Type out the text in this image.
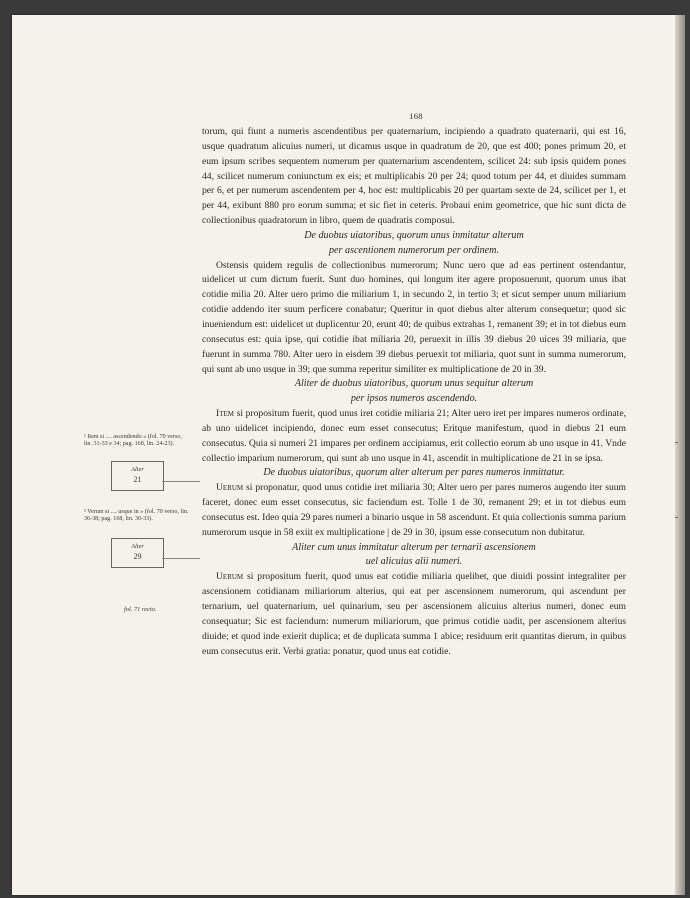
168

torum, qui fiunt a numeris ascendentibus per quaternarium, incipiendo a quadrato quaternarii, qui est 16, usque quadratum alicuius numeri, ut dicamus usque in quadratum de 20, que est 400; pones primum 20, et eum ipsum scribes sequentem numerum per quaternarium ascendentem, scilicet 24: sub ipsis quidem pones 44, scilicet numerum coniunctum ex eis; et multiplicabis 20 per 24; quod totum per 44, et diuides summam per 6, et per numerum ascendentem per 4, hoc est: multiplicabis 20 per quartam sexte de 24, scilicet per 1, et per 44, exibunt 880 pro eorum summa; et sic fiet in ceteris. Probaui enim geometrice, que hic sunt dicta de collectionibus quadratorum in libro, quem de quadratis composui.

De duobus uiatoribus, quorum unus inmitatur alterum

per ascentionem numerorum per ordinem.

Ostensis quidem regulis de collectionibus numerorum; Nunc uero que ad eas pertinent ostendantur, uidelicet ut cum dictum fuerit. Sunt duo homines, qui longum iter agere proposuerunt, quorum unus ibat cotidie milia 20. Alter uero primo die miliarium 1, in secundo 2, in tertio 3; et sicut semper unum miliarium cotidie addendo iter suum perficere conabatur; Queritur in quot diebus alter alterum consequetur; quod sic inueniendum est: uidelicet ut duplicentur 20, erunt 40; de quibus extrahas 1, remanent 39; et in tot diebus eum consecutus est: quia ipse, qui cotidie ibat miliaria 20, peruexit in illis 39 diebus 20 uices 39 miliaria, que fuerunt in summa 780. Alter uero in eisdem 39 diebus peruexit tot miliaria, quot sunt in summa numerorum, qui sunt ab uno usque in 39; que summa reperitur similiter ex multiplicatione de 20 in 39.

Aliter de duobus uiatoribus, quorum unus sequitur alterum

per ipsos numeros ascendendo.

Item si propositum fuerit, quod unus iret cotidie miliaria 21; Alter uero iret per impares numeros ordinate, ab uno uidelicet incipiendo, donec eum esset consecutus; Eritque manifestum, quod in diebus 21 eum consecutus. Quia si numeri 21 impares per ordinem accipiamus, erit collectio eorum ab uno usque in 41. Vnde collectio imparium numerorum, qui sunt ab uno usque in 41, ascendit in multiplicatione de 21 in se ipsa.

De duobus uiatoribus, quorum alter alterum per pares numeros inmittatur.

Uerum si proponatur, quod unus cotidie iret miliaria 30; Alter uero per pares numeros augendo iter suum faceret, donec eum esset consecutus, sic faciendum est. Tolle 1 de 30, remanent 29; et in tot diebus eum consecutus est. Ideo quia 29 pares numeri a binario usque in 58 ascendunt. Et quia collectionis summa parium numerorum usque in 58 exiit ex multiplicatione | de 29 in 30, ipsum esse consecutum non dubitatur.

Aliter cum unus immitatur alterum per ternarii ascensionem

uel alicuius alii numeri.

Uerum si propositum fuerit, quod unus eat cotidie miliaria quelibet, que diuidi possint integraliter per ascensionem cotidianam miliariorum alterius, qui eat per ascensionem numerorum, qui ascendunt per ternarium, uel quaternarium, uel quinarium, seu per ascensionem alicuius alterius numeri, donec eum consequatur; Sic est faciendum: numerum miliariorum, que primus cotidie uadit, per ascensionem alterius diuide; et quod inde exierit duplica; et de duplicata summa 1 abice; residuum erit quantitas dierum, in quibus eum consecutus erit. Verbi gratia: ponatur, quod unus eat cotidie.

¹ Item si .... ascendendo » (fol. 70 verso, lin. 31-33 e 34; pag. 168, lin. 24-23).
Alter
21
² Verum si .... usque in » (fol. 70 verso, lin. 36-38; pag. 168, lin. 30-33).
Alter
29
fol. 71 recto.
